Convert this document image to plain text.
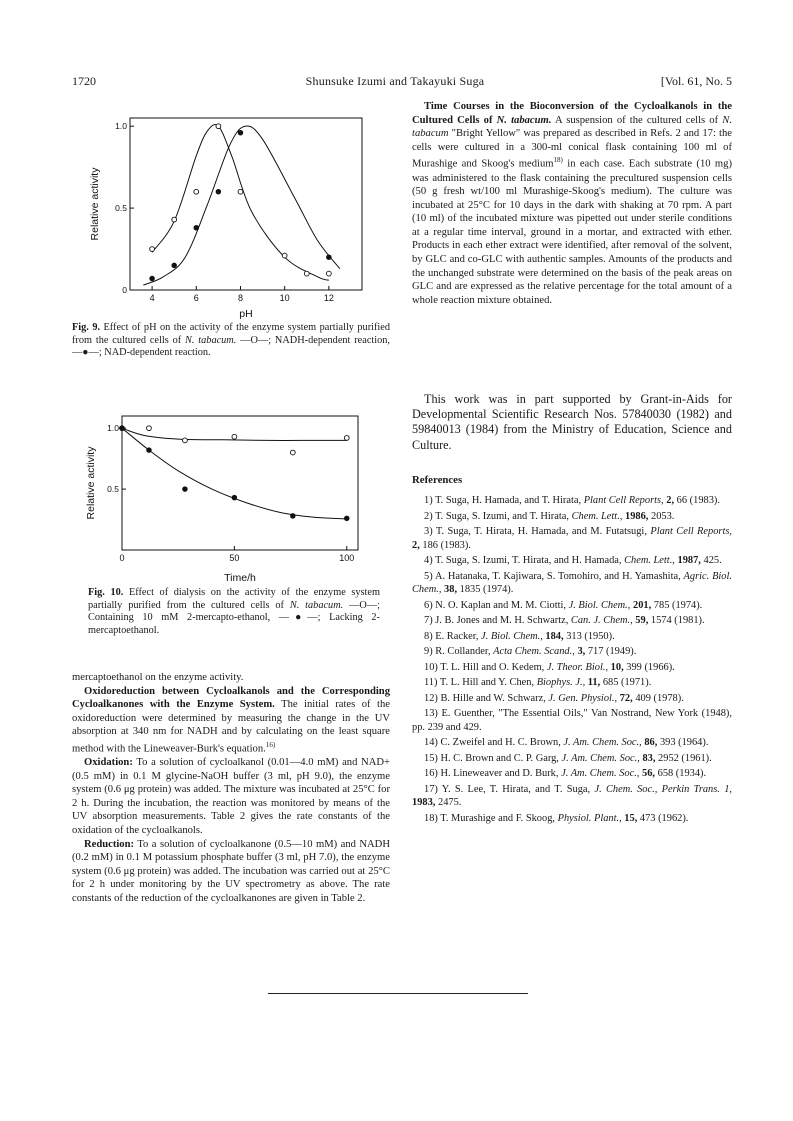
1720	Shunsuke Izumi and Takayuki Suga	[Vol. 61, No. 5
4	6	8	10	12
0
0.5
1.0
pH
Relative activity
Fig. 9. Effect of pH on the activity of the enzyme system partially purified from the cultured cells of N. tabacum. —O—; NADH-dependent reaction, —●—; NAD-dependent reaction.
0	50	100
0.5
1.0
Time/h
Relative activity
Fig. 10. Effect of dialysis on the activity of the enzyme system partially purified from the cultured cells of N. tabacum. —O—; Containing 10 mM 2-mercapto-ethanol, —●—; Lacking 2-mercaptoethanol.

mercaptoethanol on the enzyme activity.

Oxidoreduction between Cycloalkanols and the Corresponding Cycloalkanones with the Enzyme System. The initial rates of the oxidoreduction were determined by measuring the change in the UV absorption at 340 nm for NADH and by calculating on the least square method with the Lineweaver-Burk's equation.$^{16)}$

Oxidation: To a solution of cycloalkanol (0.01—4.0 mM) and NAD+ (0.5 mM) in 0.1 M glycine-NaOH buffer (3 ml, pH 9.0), the enzyme system (0.6 μg protein) was added. The mixture was incubated at 25°C for 2 h. During the incubation, the reaction was monitored by means of the UV absorption measurements. Table 2 gives the rate constants of the oxidation of the cycloalkanols.

Reduction: To a solution of cycloalkanone (0.5—10 mM) and NADH (0.2 mM) in 0.1 M potassium phosphate buffer (3 ml, pH 7.0), the enzyme system (0.6 μg protein) was added. The incubation was carried out at 25°C for 2 h under monitoring by the UV spectrometry as above. The rate constants of the reduction of the cycloalkanones are given in Table 2.

Time Courses in the Bioconversion of the Cycloalkanols in the Cultured Cells of N. tabacum. A suspension of the cultured cells of N. tabacum "Bright Yellow" was prepared as described in Refs. 2 and 17: the cells were cultured in a 300-ml conical flask containing 100 ml of Murashige and Skoog's medium$^{18)}$ in each case. Each substrate (10 mg) was administered to the flask containing the precultured suspension cells (50 g fresh wt/100 ml Murashige-Skoog's medium). The culture was incubated at 25°C for 10 days in the dark with shaking at 70 rpm. A part (10 ml) of the incubated mixture was pipetted out under sterile conditions at a regular time interval, ground in a mortar, and extracted with ether. Products in each ether extract were identified, after removal of the solvent, by GLC and co-GLC with authentic samples. Amounts of the products and the unchanged substrate were determined on the basis of the peak areas on GLC and are expressed as the relative percentage for the total amount of a whole reaction mixture obtained.

This work was in part supported by Grant-in-Aids for Developmental Scientific Research Nos. 57840030 (1982) and 59840013 (1984) from the Ministry of Education, Science and Culture.

References

1) T. Suga, H. Hamada, and T. Hirata, Plant Cell Reports, 2, 66 (1983).

2) T. Suga, S. Izumi, and T. Hirata, Chem. Lett., 1986, 2053.

3) T. Suga, T. Hirata, H. Hamada, and M. Futatsugi, Plant Cell Reports, 2, 186 (1983).

4) T. Suga, S. Izumi, T. Hirata, and H. Hamada, Chem. Lett., 1987, 425.

5) A. Hatanaka, T. Kajiwara, S. Tomohiro, and H. Yamashita, Agric. Biol. Chem., 38, 1835 (1974).

6) N. O. Kaplan and M. M. Ciotti, J. Biol. Chem., 201, 785 (1974).

7) J. B. Jones and M. H. Schwartz, Can. J. Chem., 59, 1574 (1981).

8) E. Racker, J. Biol. Chem., 184, 313 (1950).

9) R. Collander, Acta Chem. Scand., 3, 717 (1949).

10) T. L. Hill and O. Kedem, J. Theor. Biol., 10, 399 (1966).

11) T. L. Hill and Y. Chen, Biophys. J., 11, 685 (1971).

12) B. Hille and W. Schwarz, J. Gen. Physiol., 72, 409 (1978).

13) E. Guenther, "The Essential Oils," Van Nostrand, New York (1948), pp. 239 and 429.

14) C. Zweifel and H. C. Brown, J. Am. Chem. Soc., 86, 393 (1964).

15) H. C. Brown and C. P. Garg, J. Am. Chem. Soc., 83, 2952 (1961).

16) H. Lineweaver and D. Burk, J. Am. Chem. Soc., 56, 658 (1934).

17) Y. S. Lee, T. Hirata, and T. Suga, J. Chem. Soc., Perkin Trans. 1, 1983, 2475.

18) T. Murashige and F. Skoog, Physiol. Plant., 15, 473 (1962).
